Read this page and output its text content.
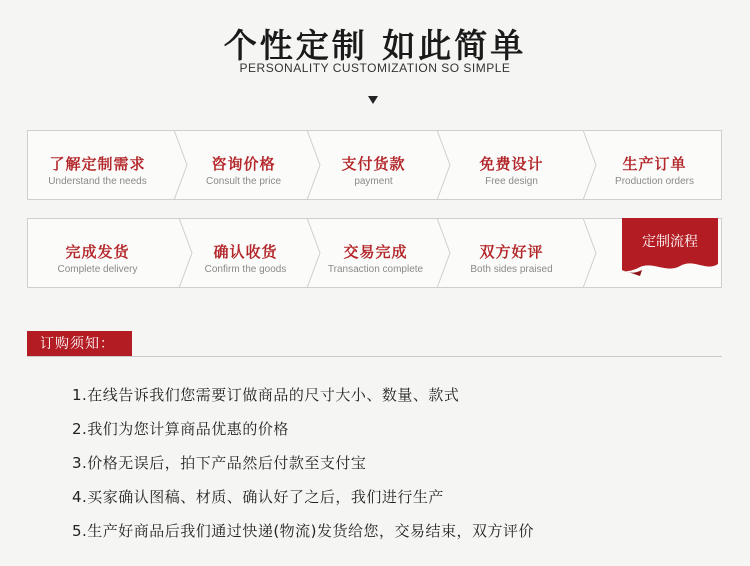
个性定制 如此简单
PERSONALITY CUSTOMIZATION SO SIMPLE
了解定制需求
Understand the needs
咨询价格
Consult the price
支付货款
payment
免费设计
Free design
生产订单
Production orders
完成发货
Complete delivery
确认收货
Confirm the goods
交易完成
Transaction complete
双方好评
Both sides praised
定制流程
订购须知：
1.在线告诉我们您需要订做商品的尺寸大小、数量、款式
2.我们为您计算商品优惠的价格
3.价格无误后，拍下产品然后付款至支付宝
4.买家确认图稿、材质、确认好了之后，我们进行生产
5.生产好商品后我们通过快递(物流)发货给您，交易结束，双方评价
